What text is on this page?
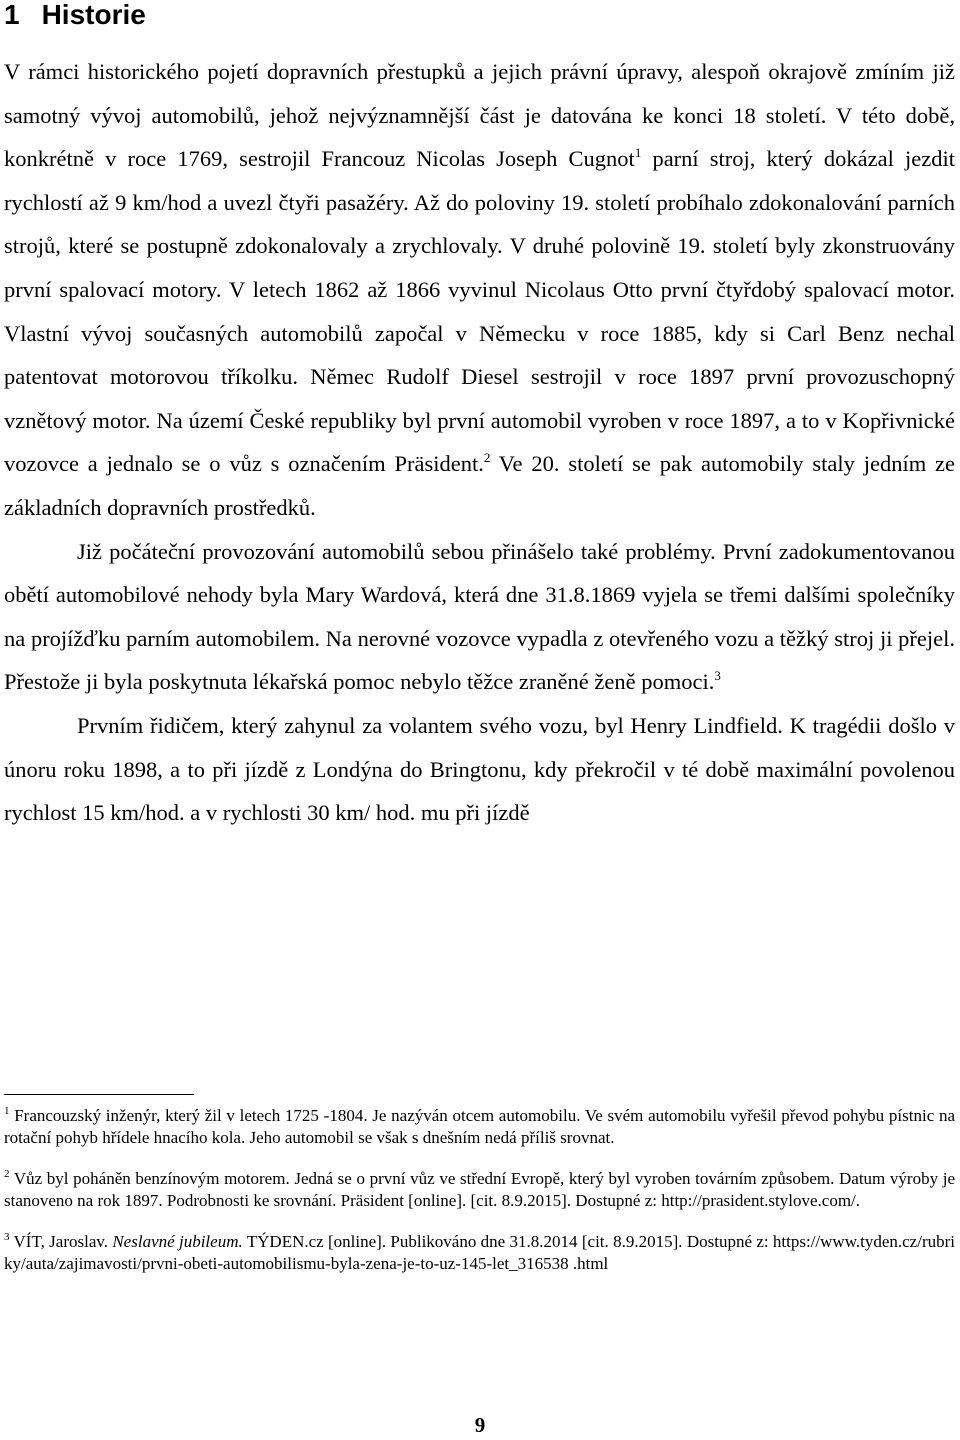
1 Historie

V rámci historického pojetí dopravních přestupků a jejich právní úpravy, alespoň okrajově zmíním již samotný vývoj automobilů, jehož nejvýznamnější část je datována ke konci 18 století. V této době, konkrétně v roce 1769, sestrojil Francouz Nicolas Joseph Cugnot$^1$ parní stroj, který dokázal jezdit rychlostí až 9 km/hod a uvezl čtyři pasažéry. Až do poloviny 19. století probíhalo zdokonalování parních strojů, které se postupně zdokonalovaly a zrychlovaly. V druhé polovině 19. století byly zkonstruovány první spalovací motory. V letech 1862 až 1866 vyvinul Nicolaus Otto první čtyřdobý spalovací motor. Vlastní vývoj současných automobilů započal v Německu v roce 1885, kdy si Carl Benz nechal patentovat motorovou tříkolku. Němec Rudolf Diesel sestrojil v roce 1897 první provozuschopný vznětový motor. Na území České republiky byl první automobil vyroben v roce 1897, a to v Kopřivnické vozovce a jednalo se o vůz s označením Präsident.$^2$ Ve 20. století se pak automobily staly jedním ze základních dopravních prostředků.

Již počáteční provozování automobilů sebou přinášelo také problémy. První zadokumentovanou obětí automobilové nehody byla Mary Wardová, která dne 31.8.1869 vyjela se třemi dalšími společníky na projížďku parním automobilem. Na nerovné vozovce vypadla z otevřeného vozu a těžký stroj ji přejel. Přestože ji byla poskytnuta lékařská pomoc nebylo těžce zraněné ženě pomoci.$^3$

Prvním řidičem, který zahynul za volantem svého vozu, byl Henry Lindfield. K tragédii došlo v únoru roku 1898, a to při jízdě z Londýna do Bringtonu, kdy překročil v té době maximální povolenou rychlost 15 km/hod. a v rychlosti 30 km/ hod. mu při jízdě

$^1$ Francouzský inženýr, který žil v letech 1725 -1804. Je nazýván otcem automobilu. Ve svém automobilu vyřešil převod pohybu pístnic na rotační pohyb hřídele hnacího kola. Jeho automobil se však s dnešním nedá příliš srovnat.

$^2$ Vůz byl poháněn benzínovým motorem. Jedná se o první vůz ve střední Evropě, který byl vyroben továrním způsobem. Datum výroby je stanoveno na rok 1897. Podrobnosti ke srovnání. Präsident [online]. [cit. 8.9.2015]. Dostupné z: http://prasident.stylove.com/.

$^3$ VÍT, Jaroslav. Neslavné jubileum. TÝDEN.cz [online]. Publikováno dne 31.8.2014 [cit. 8.9.2015]. Dostupné z: https://www.tyden.cz/rubriky/auta/zajimavosti/prvni-obeti-automobilismu-byla-zena-je-to-uz-145-let_316538 .html

9
